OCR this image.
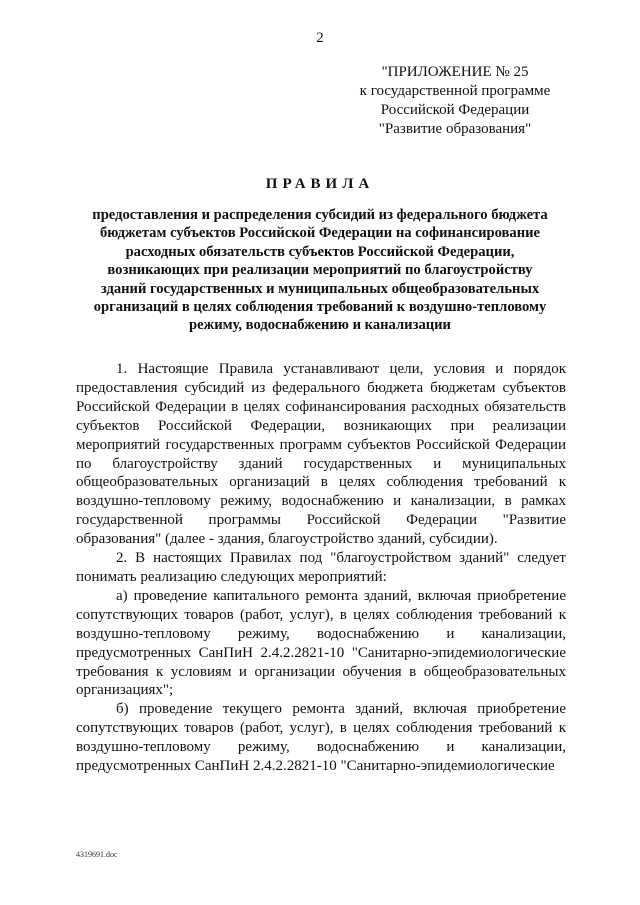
2
"ПРИЛОЖЕНИЕ № 25
к государственной программе
Российской Федерации
"Развитие образования"
ПРАВИЛА
предоставления и распределения субсидий из федерального бюджета
бюджетам субъектов Российской Федерации на софинансирование
расходных обязательств субъектов Российской Федерации,
возникающих при реализации мероприятий по благоустройству
зданий государственных и муниципальных общеобразовательных
организаций в целях соблюдения требований к воздушно-тепловому
режиму, водоснабжению и канализации

1. Настоящие Правила устанавливают цели, условия и порядок предоставления субсидий из федерального бюджета бюджетам субъектов Российской Федерации в целях софинансирования расходных обязательств субъектов Российской Федерации, возникающих при реализации мероприятий государственных программ субъектов Российской Федерации по благоустройству зданий государственных и муниципальных общеобразовательных организаций в целях соблюдения требований к воздушно-тепловому режиму, водоснабжению и канализации, в рамках государственной программы Российской Федерации "Развитие образования" (далее - здания, благоустройство зданий, субсидии).

2. В настоящих Правилах под "благоустройством зданий" следует понимать реализацию следующих мероприятий:

а) проведение капитального ремонта зданий, включая приобретение сопутствующих товаров (работ, услуг), в целях соблюдения требований к воздушно-тепловому режиму, водоснабжению и канализации, предусмотренных СанПиН 2.4.2.2821-10 "Санитарно-эпидемиологические требования к условиям и организации обучения в общеобразовательных организациях";

б) проведение текущего ремонта зданий, включая приобретение сопутствующих товаров (работ, услуг), в целях соблюдения требований к воздушно-тепловому режиму, водоснабжению и канализации, предусмотренных СанПиН 2.4.2.2821-10 "Санитарно-эпидемиологические

4319691.doc
